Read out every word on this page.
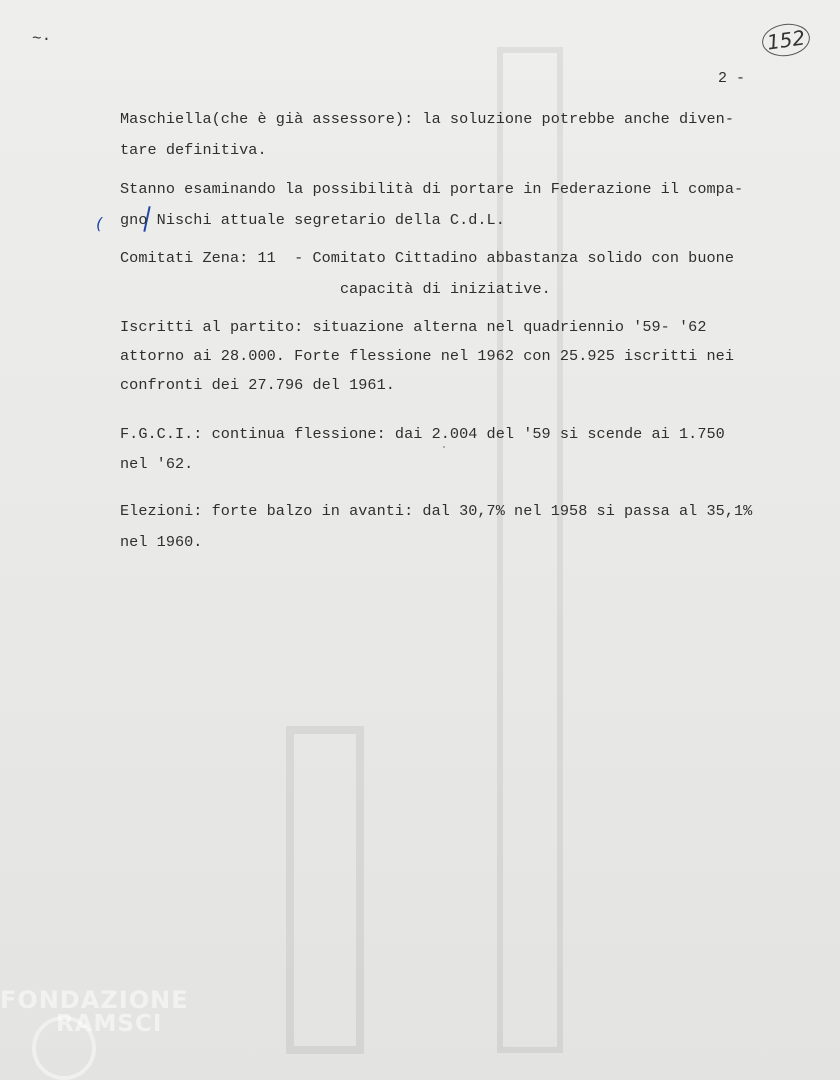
~·	152
2 -
(
Maschiella(che è già assessore): la soluzione potrebbe anche diven-
tare definitiva.
Stanno esaminando la possibilità di portare in Federazione il compa-
gno Nischi attuale segretario della C.d.L.
Comitati Zena: 11  - Comitato Cittadino abbastanza solido con buone
capacità di iniziative.
Iscritti al partito: situazione alterna nel quadriennio '59- '62
attorno ai 28.000. Forte flessione nel 1962 con 25.925 iscritti nei
confronti dei 27.796 del 1961.
F.G.C.I.: continua flessione: dai 2.004 del '59 si scende ai 1.750
nel '62.
Elezioni: forte balzo in avanti: dal 30,7% nel 1958 si passa al 35,1%
nel 1960.
FONDAZIONE
RAMSCI
